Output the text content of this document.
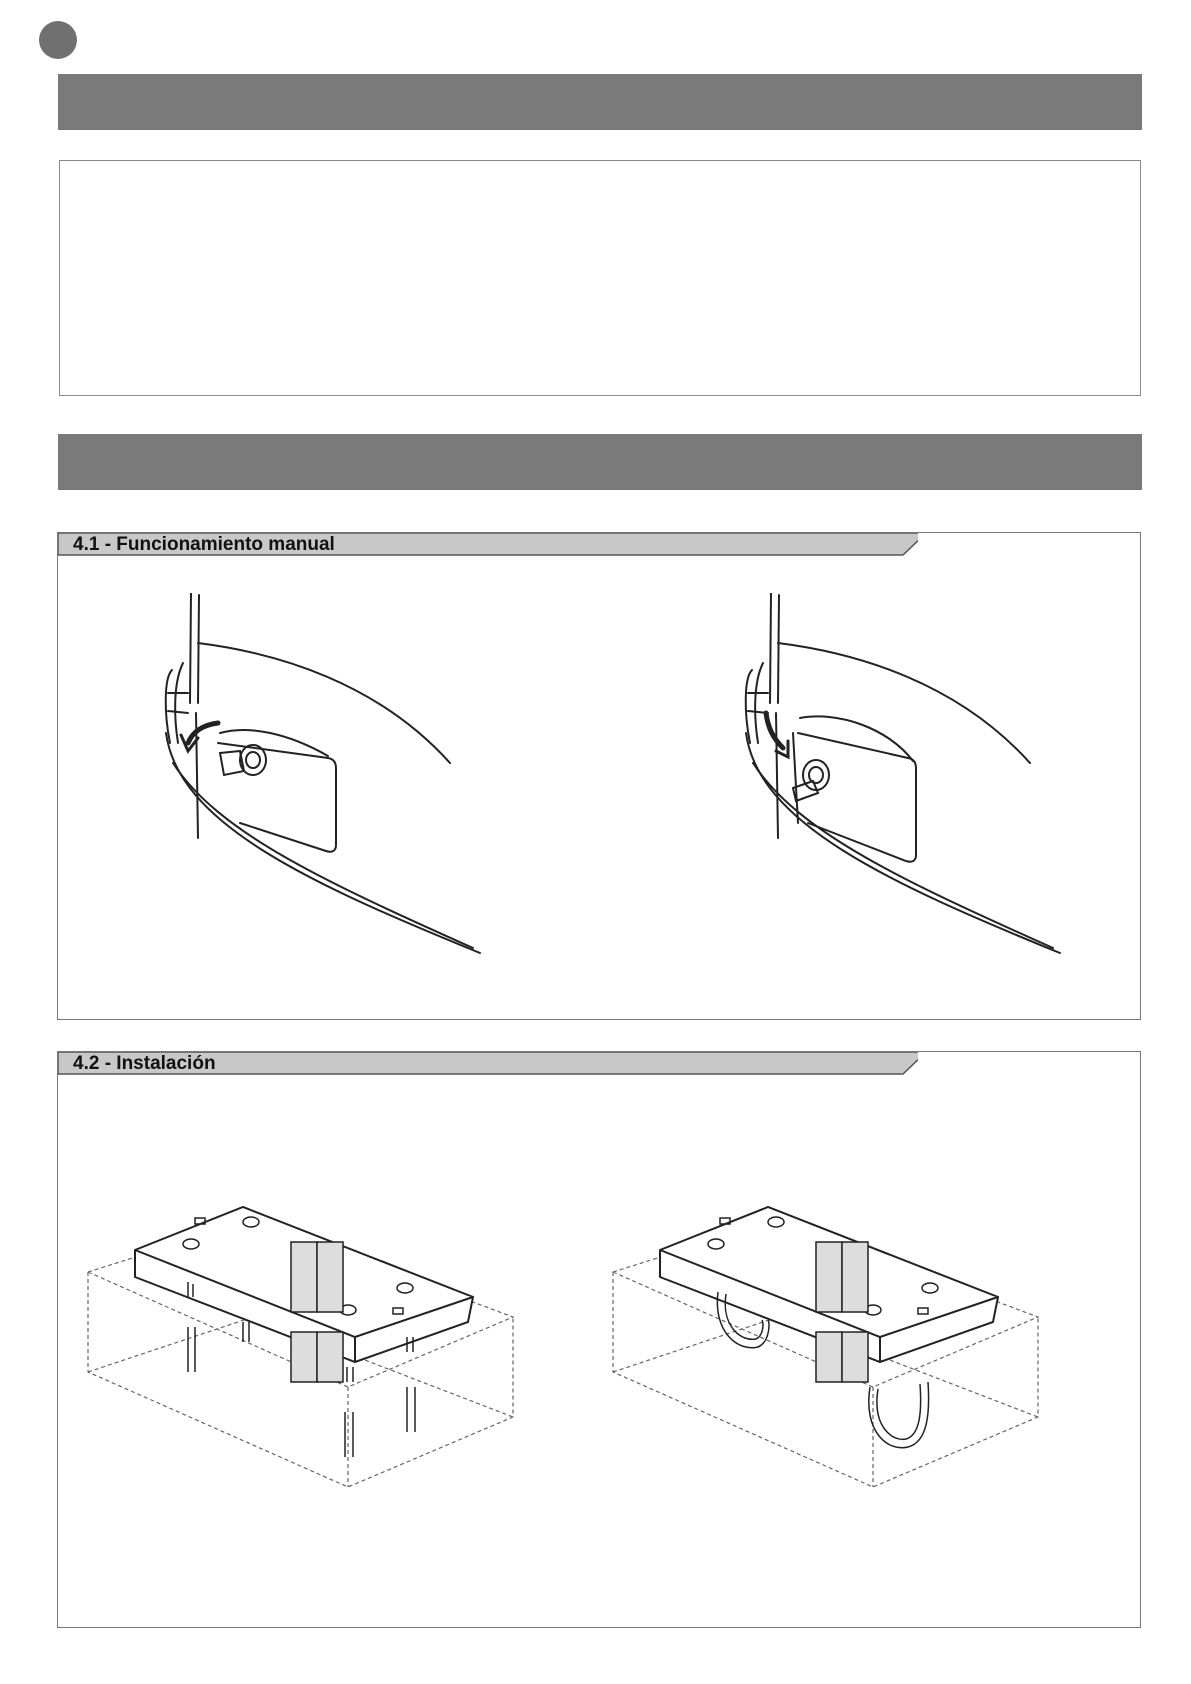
4.1 - Funcionamiento manual
4.2 - Instalación
